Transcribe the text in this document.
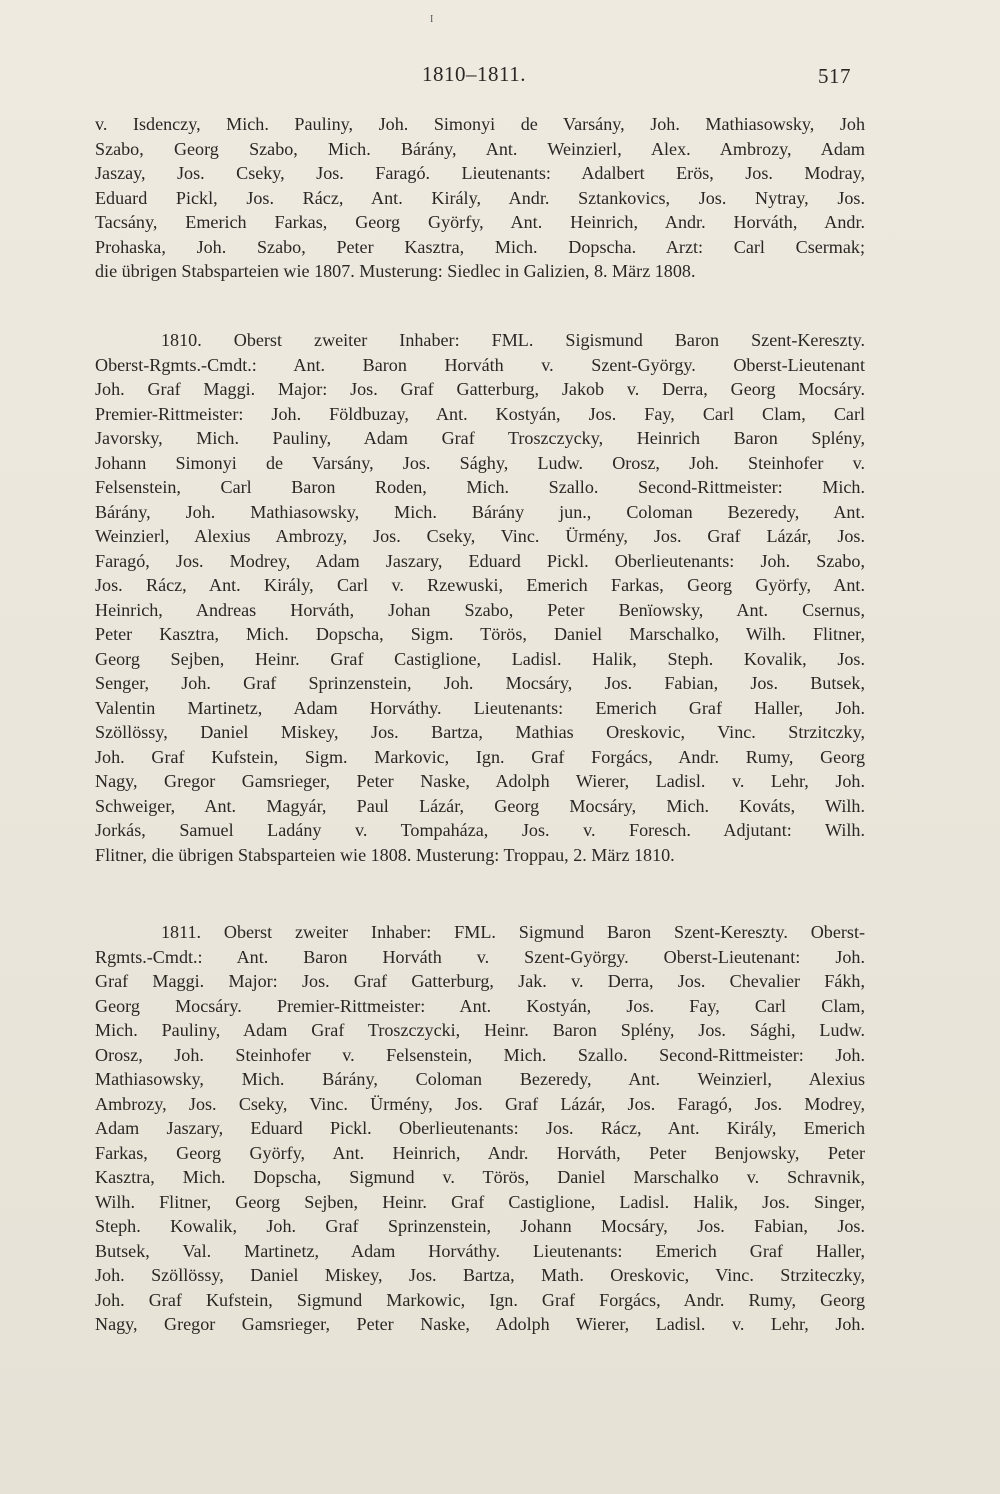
I
1810–1811.	517
v. Isdenczy, Mich. Pauliny, Joh. Simonyi de Varsány, Joh. Mathiasowsky, Joh
Szabo, Georg Szabo, Mich. Bárány, Ant. Weinzierl, Alex. Ambrozy, Adam
Jaszay, Jos. Cseky, Jos. Faragó. Lieutenants: Adalbert Erös, Jos. Modray,
Eduard Pickl, Jos. Rácz, Ant. Király, Andr. Sztankovics, Jos. Nytray, Jos.
Tacsány, Emerich Farkas, Georg Györfy, Ant. Heinrich, Andr. Horváth, Andr.
Prohaska, Joh. Szabo, Peter Kasztra, Mich. Dopscha. Arzt: Carl Csermak;
die übrigen Stabsparteien wie 1807. Musterung: Siedlec in Galizien, 8. März 1808.
1810. Oberst zweiter Inhaber: FML. Sigismund Baron Szent-Kereszty.
Oberst-Rgmts.-Cmdt.: Ant. Baron Horváth v. Szent-György. Oberst-Lieutenant
Joh. Graf Maggi. Major: Jos. Graf Gatterburg, Jakob v. Derra, Georg Mocsáry.
Premier-Rittmeister: Joh. Földbuzay, Ant. Kostyán, Jos. Fay, Carl Clam, Carl
Javorsky, Mich. Pauliny, Adam Graf Troszczycky, Heinrich Baron Splény,
Johann Simonyi de Varsány, Jos. Sághy, Ludw. Orosz, Joh. Steinhofer v.
Felsenstein, Carl Baron Roden, Mich. Szallo. Second-Rittmeister: Mich.
Bárány, Joh. Mathiasowsky, Mich. Bárány jun., Coloman Bezeredy, Ant.
Weinzierl, Alexius Ambrozy, Jos. Cseky, Vinc. Ürmény, Jos. Graf Lázár, Jos.
Faragó, Jos. Modrey, Adam Jaszary, Eduard Pickl. Oberlieutenants: Joh. Szabo,
Jos. Rácz, Ant. Király, Carl v. Rzewuski, Emerich Farkas, Georg Györfy, Ant.
Heinrich, Andreas Horváth, Johan Szabo, Peter Benïowsky, Ant. Csernus,
Peter Kasztra, Mich. Dopscha, Sigm. Törös, Daniel Marschalko, Wilh. Flitner,
Georg Sejben, Heinr. Graf Castiglione, Ladisl. Halik, Steph. Kovalik, Jos.
Senger, Joh. Graf Sprinzenstein, Joh. Mocsáry, Jos. Fabian, Jos. Butsek,
Valentin Martinetz, Adam Horváthy. Lieutenants: Emerich Graf Haller, Joh.
Szöllössy, Daniel Miskey, Jos. Bartza, Mathias Oreskovic, Vinc. Strzitczky,
Joh. Graf Kufstein, Sigm. Markovic, Ign. Graf Forgács, Andr. Rumy, Georg
Nagy, Gregor Gamsrieger, Peter Naske, Adolph Wierer, Ladisl. v. Lehr, Joh.
Schweiger, Ant. Magyár, Paul Lázár, Georg Mocsáry, Mich. Kováts, Wilh.
Jorkás, Samuel Ladány v. Tompaháza, Jos. v. Foresch. Adjutant: Wilh.
Flitner, die übrigen Stabsparteien wie 1808. Musterung: Troppau, 2. März 1810.
1811. Oberst zweiter Inhaber: FML. Sigmund Baron Szent-Kereszty. Oberst-
Rgmts.-Cmdt.: Ant. Baron Horváth v. Szent-György. Oberst-Lieutenant: Joh.
Graf Maggi. Major: Jos. Graf Gatterburg, Jak. v. Derra, Jos. Chevalier Fákh,
Georg Mocsáry. Premier-Rittmeister: Ant. Kostyán, Jos. Fay, Carl Clam,
Mich. Pauliny, Adam Graf Troszczycki, Heinr. Baron Splény, Jos. Sághi, Ludw.
Orosz, Joh. Steinhofer v. Felsenstein, Mich. Szallo. Second-Rittmeister: Joh.
Mathiasowsky, Mich. Bárány, Coloman Bezeredy, Ant. Weinzierl, Alexius
Ambrozy, Jos. Cseky, Vinc. Ürmény, Jos. Graf Lázár, Jos. Faragó, Jos. Modrey,
Adam Jaszary, Eduard Pickl. Oberlieutenants: Jos. Rácz, Ant. Király, Emerich
Farkas, Georg Györfy, Ant. Heinrich, Andr. Horváth, Peter Benjowsky, Peter
Kasztra, Mich. Dopscha, Sigmund v. Törös, Daniel Marschalko v. Schravnik,
Wilh. Flitner, Georg Sejben, Heinr. Graf Castiglione, Ladisl. Halik, Jos. Singer,
Steph. Kowalik, Joh. Graf Sprinzenstein, Johann Mocsáry, Jos. Fabian, Jos.
Butsek, Val. Martinetz, Adam Horváthy. Lieutenants: Emerich Graf Haller,
Joh. Szöllössy, Daniel Miskey, Jos. Bartza, Math. Oreskovic, Vinc. Strziteczky,
Joh. Graf Kufstein, Sigmund Markowic, Ign. Graf Forgács, Andr. Rumy, Georg
Nagy, Gregor Gamsrieger, Peter Naske, Adolph Wierer, Ladisl. v. Lehr, Joh.
